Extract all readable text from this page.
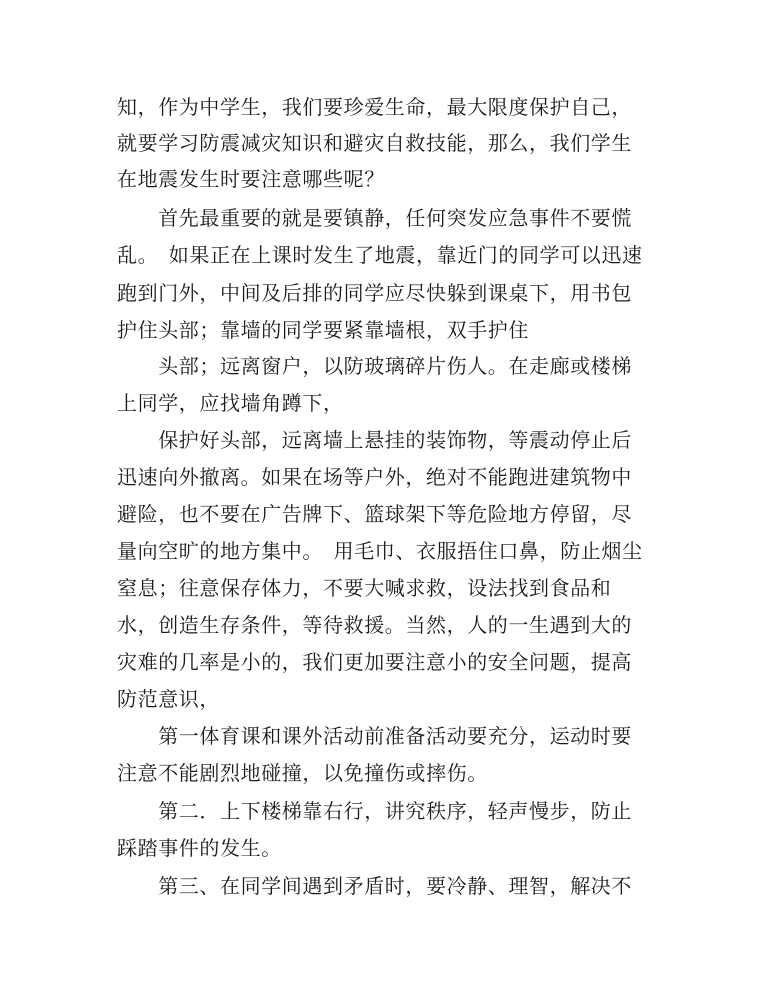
知，作为中学生，我们要珍爱生命，最大限度保护自己，
就要学习防震减灾知识和避灾自救技能，那么，我们学生
在地震发生时要注意哪些呢？
　　首先最重要的就是要镇静，任何突发应急事件不要慌
乱。　如果正在上课时发生了地震，靠近门的同学可以迅速
跑到门外，中间及后排的同学应尽快躲到课桌下，用书包
护住头部；靠墙的同学要紧靠墙根，双手护住
　　头部；远离窗户，以防玻璃碎片伤人。在走廊或楼梯
上同学，应找墙角蹲下，
　　保护好头部，远离墙上悬挂的装饰物，等震动停止后
迅速向外撤离。如果在场等户外，绝对不能跑进建筑物中
避险，也不要在广告牌下、篮球架下等危险地方停留，尽
量向空旷的地方集中。　用毛巾、衣服捂住口鼻，防止烟尘
窒息；往意保存体力，不要大喊求救，设法找到食品和
水，创造生存条件，等待救援。当然，人的一生遇到大的
灾难的几率是小的，我们更加要注意小的安全问题，提高
防范意识，
　　第一体育课和课外活动前准备活动要充分，运动时要
注意不能剧烈地碰撞，以免撞伤或摔伤。
　　第二．上下楼梯靠右行，讲究秩序，轻声慢步，防止
踩踏事件的发生。
　　第三、在同学间遇到矛盾时，要冷静、理智，解决不
